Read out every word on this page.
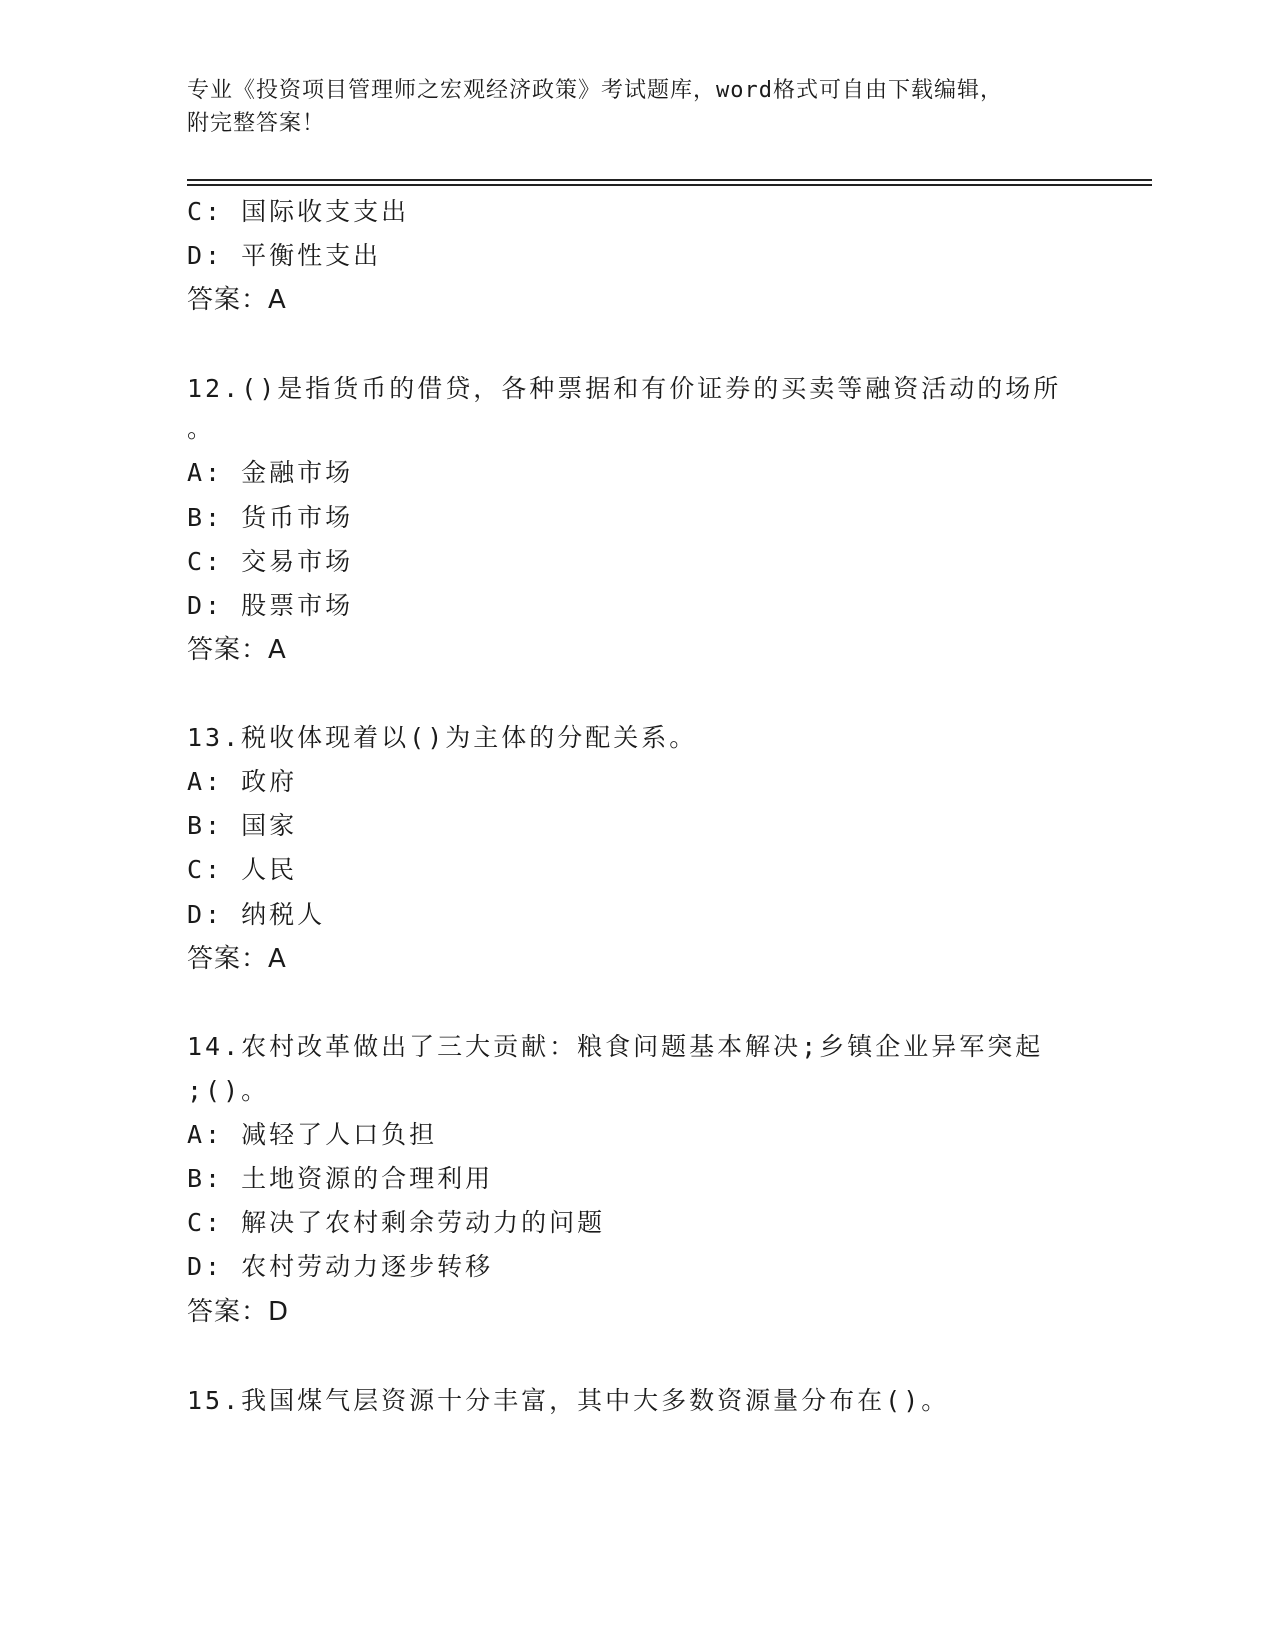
专业《投资项目管理师之宏观经济政策》考试题库，word格式可自由下载编辑，
附完整答案！
C: 国际收支支出
D: 平衡性支出
答案：A
12.()是指货币的借贷，各种票据和有价证券的买卖等融资活动的场所
。
A: 金融市场
B: 货币市场
C: 交易市场
D: 股票市场
答案：A
13.税收体现着以()为主体的分配关系。
A: 政府
B: 国家
C: 人民
D: 纳税人
答案：A
14.农村改革做出了三大贡献：粮食问题基本解决;乡镇企业异军突起
;()。
A: 减轻了人口负担
B: 土地资源的合理利用
C: 解决了农村剩余劳动力的问题
D: 农村劳动力逐步转移
答案：D
15.我国煤气层资源十分丰富，其中大多数资源量分布在()。
